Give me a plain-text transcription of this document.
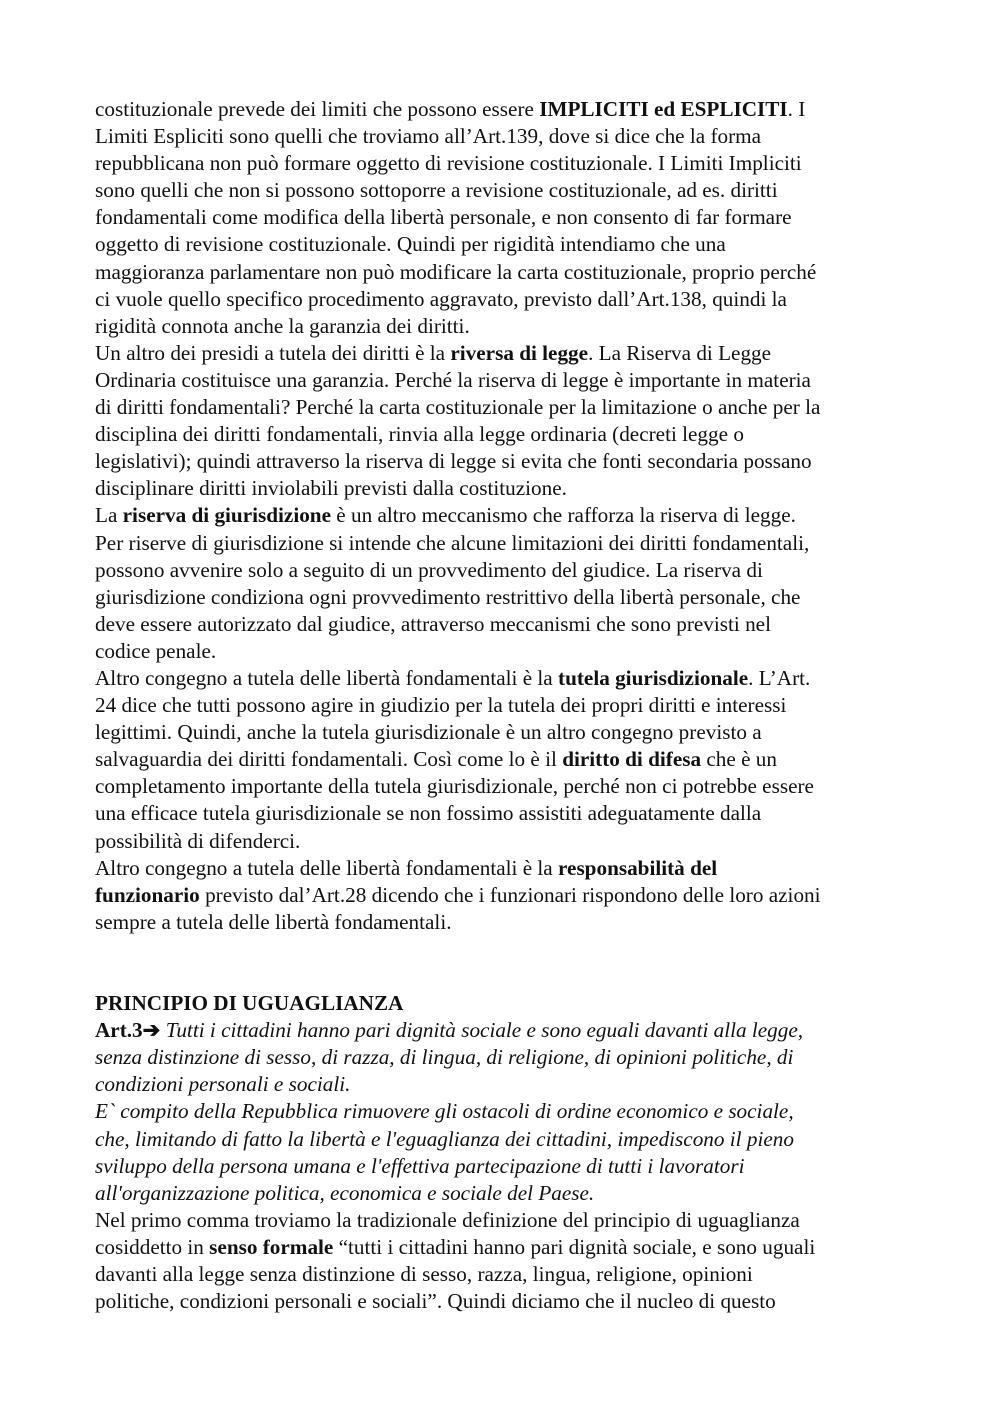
costituzionale prevede dei limiti che possono essere IMPLICITI ed ESPLICITI. I
Limiti Espliciti sono quelli che troviamo all’Art.139, dove si dice che la forma
repubblicana non può formare oggetto di revisione costituzionale. I Limiti Impliciti
sono quelli che non si possono sottoporre a revisione costituzionale, ad es. diritti
fondamentali come modifica della libertà personale, e non consento di far formare
oggetto di revisione costituzionale. Quindi per rigidità intendiamo che una
maggioranza parlamentare non può modificare la carta costituzionale, proprio perché
ci vuole quello specifico procedimento aggravato, previsto dall’Art.138, quindi la
rigidità connota anche la garanzia dei diritti.
Un altro dei presidi a tutela dei diritti è la riversa di legge. La Riserva di Legge
Ordinaria costituisce una garanzia. Perché la riserva di legge è importante in materia
di diritti fondamentali? Perché la carta costituzionale per la limitazione o anche per la
disciplina dei diritti fondamentali, rinvia alla legge ordinaria (decreti legge o
legislativi); quindi attraverso la riserva di legge si evita che fonti secondaria possano
disciplinare diritti inviolabili previsti dalla costituzione.
La riserva di giurisdizione è un altro meccanismo che rafforza la riserva di legge.
Per riserve di giurisdizione si intende che alcune limitazioni dei diritti fondamentali,
possono avvenire solo a seguito di un provvedimento del giudice. La riserva di
giurisdizione condiziona ogni provvedimento restrittivo della libertà personale, che
deve essere autorizzato dal giudice, attraverso meccanismi che sono previsti nel
codice penale.
Altro congegno a tutela delle libertà fondamentali è la tutela giurisdizionale. L’Art.
24 dice che tutti possono agire in giudizio per la tutela dei propri diritti e interessi
legittimi. Quindi, anche la tutela giurisdizionale è un altro congegno previsto a
salvaguardia dei diritti fondamentali. Così come lo è il diritto di difesa che è un
completamento importante della tutela giurisdizionale, perché non ci potrebbe essere
una efficace tutela giurisdizionale se non fossimo assistiti adeguatamente dalla
possibilità di difenderci.
Altro congegno a tutela delle libertà fondamentali è la responsabilità del
funzionario previsto dal’Art.28 dicendo che i funzionari rispondono delle loro azioni
sempre a tutela delle libertà fondamentali.
PRINCIPIO DI UGUAGLIANZA
Art.3➔ Tutti i cittadini hanno pari dignità sociale e sono eguali davanti alla legge,
senza distinzione di sesso, di razza, di lingua, di religione, di opinioni politiche, di
condizioni personali e sociali.
E` compito della Repubblica rimuovere gli ostacoli di ordine economico e sociale,
che, limitando di fatto la libertà e l'eguaglianza dei cittadini, impediscono il pieno
sviluppo della persona umana e l'effettiva partecipazione di tutti i lavoratori
all'organizzazione politica, economica e sociale del Paese.
Nel primo comma troviamo la tradizionale definizione del principio di uguaglianza
cosiddetto in senso formale “tutti i cittadini hanno pari dignità sociale, e sono uguali
davanti alla legge senza distinzione di sesso, razza, lingua, religione, opinioni
politiche, condizioni personali e sociali”. Quindi diciamo che il nucleo di questo
